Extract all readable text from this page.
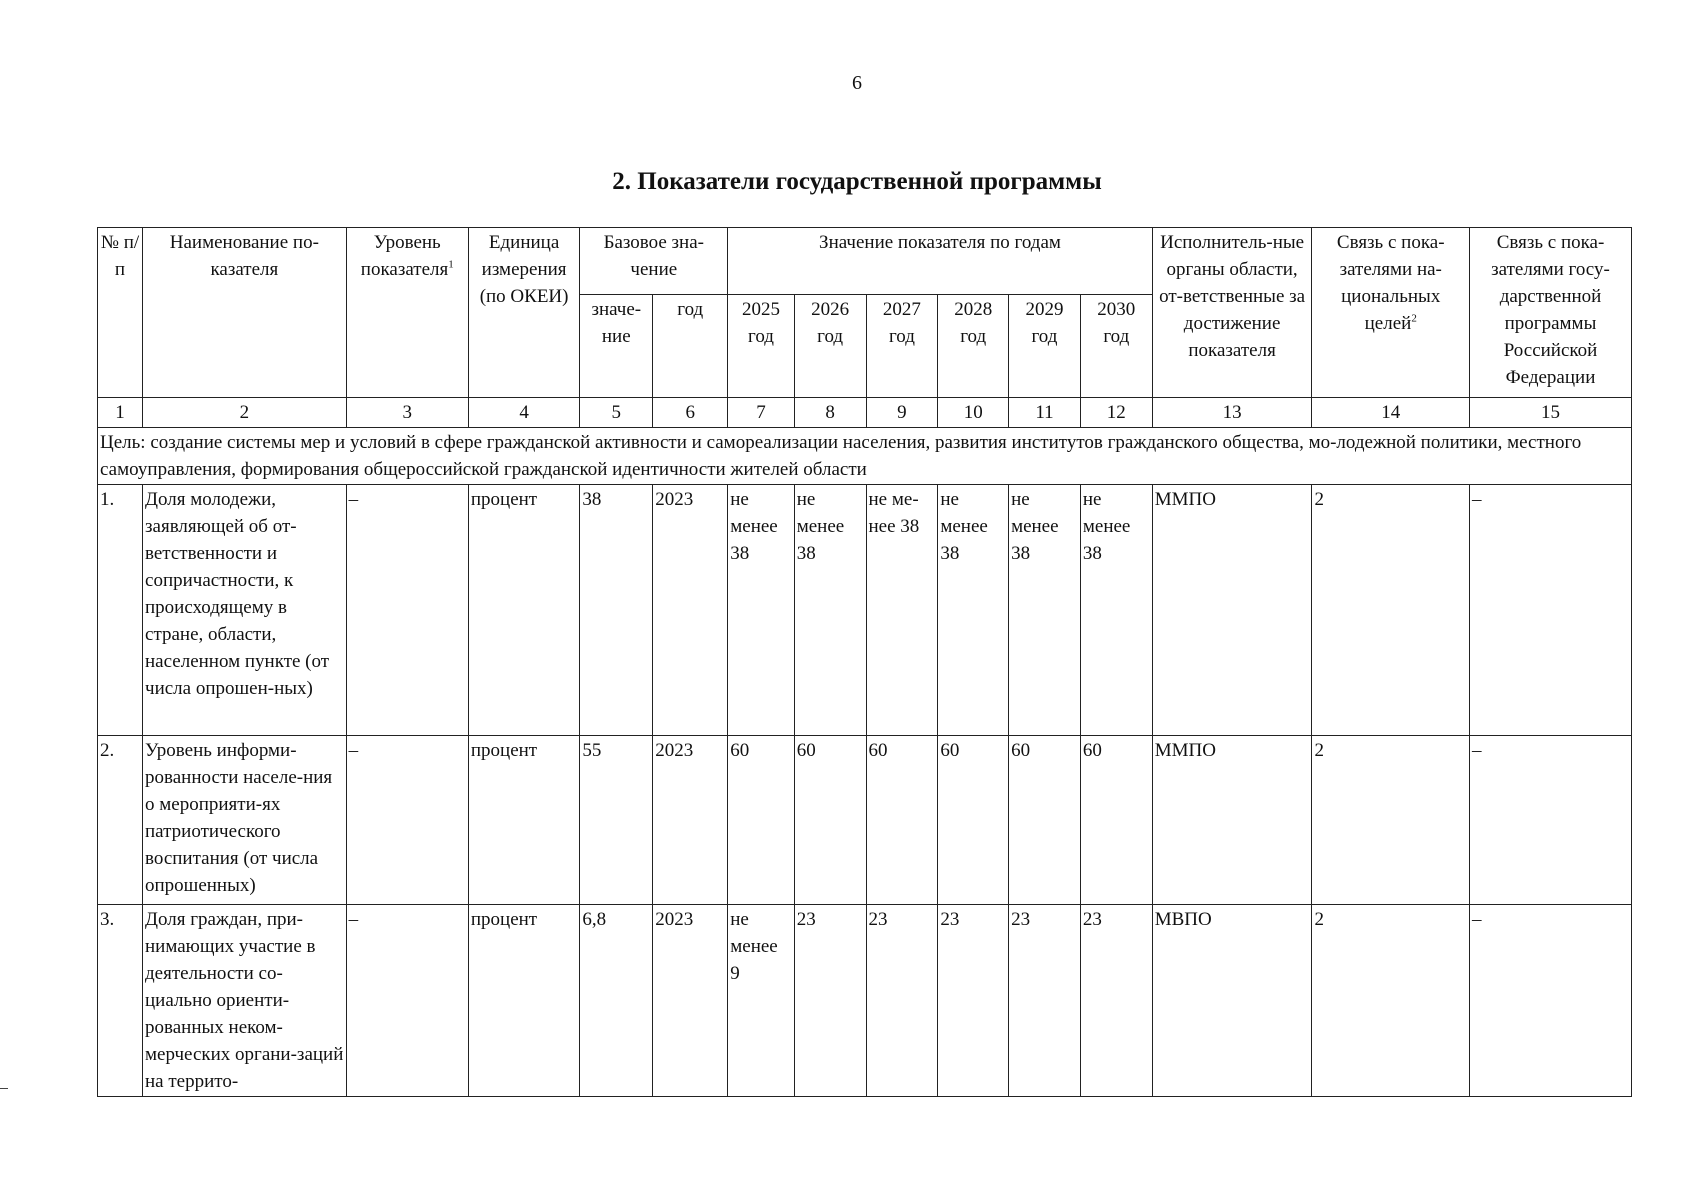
6
2. Показатели государственной программы
№ п/п	Наименование по-казателя	Уровень показателя$^1$	Единица измерения (по ОКЕИ)	Базовое зна-чение		Значение показателя по годам						Исполнитель-ные органы области, от-ветственные за достижение показателя	Связь с пока-зателями на-циональных целей$^2$	Связь с пока-зателями госу-дарственной программы Российской Федерации
				значе-ние	год	2025 год	2026 год	2027 год	2028 год	2029 год	2030 год			
1	2	3	4	5	6	7	8	9	10	11	12	13	14	15
Цель: создание системы мер и условий в сфере гражданской активности и самореализации населения, развития институтов гражданского общества, мо-лодежной политики, местного самоуправления, формирования общероссийской гражданской идентичности жителей области														
1.	Доля молодежи, заявляющей об от-ветственности и сопричастности, к происходящему в стране, области, населенном пункте (от числа опрошен-ных)	–	процент	38	2023	не менее 38	не менее 38	не ме-нее 38	не менее 38	не менее 38	не менее 38	ММПО	2	–
2.	Уровень информи-рованности населе-ния о мероприяти-ях патриотического воспитания (от числа опрошенных)	–	процент	55	2023	60	60	60	60	60	60	ММПО	2	–
3.	Доля граждан, при-нимающих участие в деятельности со-циально ориенти-рованных неком-мерческих органи-заций на террито-	–	процент	6,8	2023	не менее 9	23	23	23	23	23	МВПО	2	–
